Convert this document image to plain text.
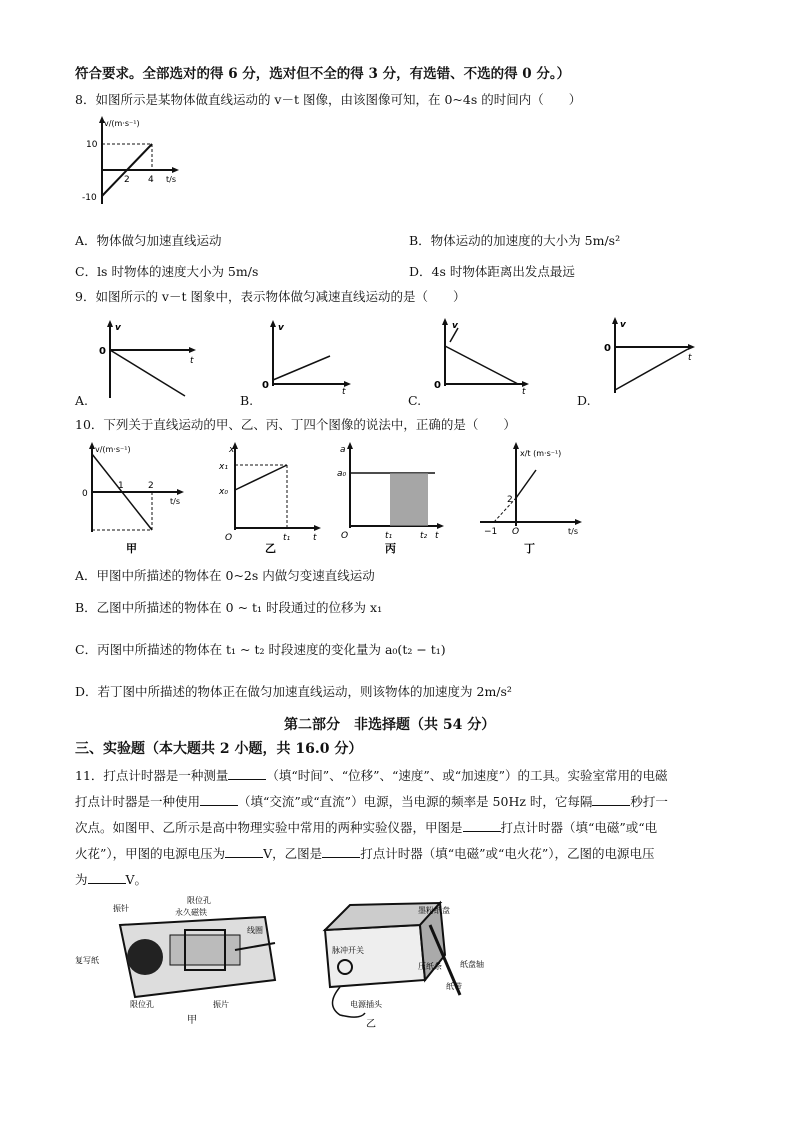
符合要求。全部选对的得 6 分，选对但不全的得 3 分，有选错、不选的得 0 分。）
8．如图所示是某物体做直线运动的 v－t 图像，由该图像可知，在 0~4s 的时间内（　　）
v/(m·s⁻¹)
t/s
10
-10
2 4
A．物体做匀加速直线运动	B．物体运动的加速度的大小为 5m/s²
C．ls 时物体的速度大小为 5m/s	D．4s 时物体距离出发点最远
9．如图所示的 v－t 图象中，表示物体做匀减速直线运动的是（　　）
v
t
0
A.
v
t
0
B.
v
t
0
C.
v
t
0
D.
10．下列关于直线运动的甲、乙、丙、丁四个图像的说法中，正确的是（　　）
v/(m·s⁻¹)
t/s
0
1	2
甲
x
x₁
x₀
O	t₁	t
乙
a
a₀
O	t₁	t₂ t
丙
x/t (m·s⁻¹)
2
−1 O	t/s
丁
A．甲图中所描述的物体在 0~2s 内做匀变速直线运动
B．乙图中所描述的物体在 0 ~ t₁ 时段通过的位移为 x₁
C．丙图中所描述的物体在 t₁ ~ t₂ 时段速度的变化量为 a₀(t₂ − t₁)
D．若丁图中所描述的物体正在做匀加速直线运动，则该物体的加速度为 2m/s²
第二部分　非选择题（共 54 分）
三、实验题（本大题共 2 小题，共 16.0 分）
11．打点计时器是一种测量	（填“时间”、“位移”、“速度”、或“加速度”）的工具。实验室常用的电磁
打点计时器是一种使用	（填“交流”或“直流”）电源，当电源的频率是 50Hz 时，它每隔	秒打一
次点。如图甲、乙所示是高中物理实验中常用的两种实验仪器，甲图是	打点计时器（填“电磁”或“电
火花”），甲图的电源电压为	V，乙图是	打点计时器（填“电磁”或“电火花”），乙图的电源电压
为	V。
振针
限位孔
永久磁铁
线圈
复写纸
限位孔	振片
甲
墨粉纸盘
脉冲开关
压纸条 纸盘轴
纸带
电源插头
乙
